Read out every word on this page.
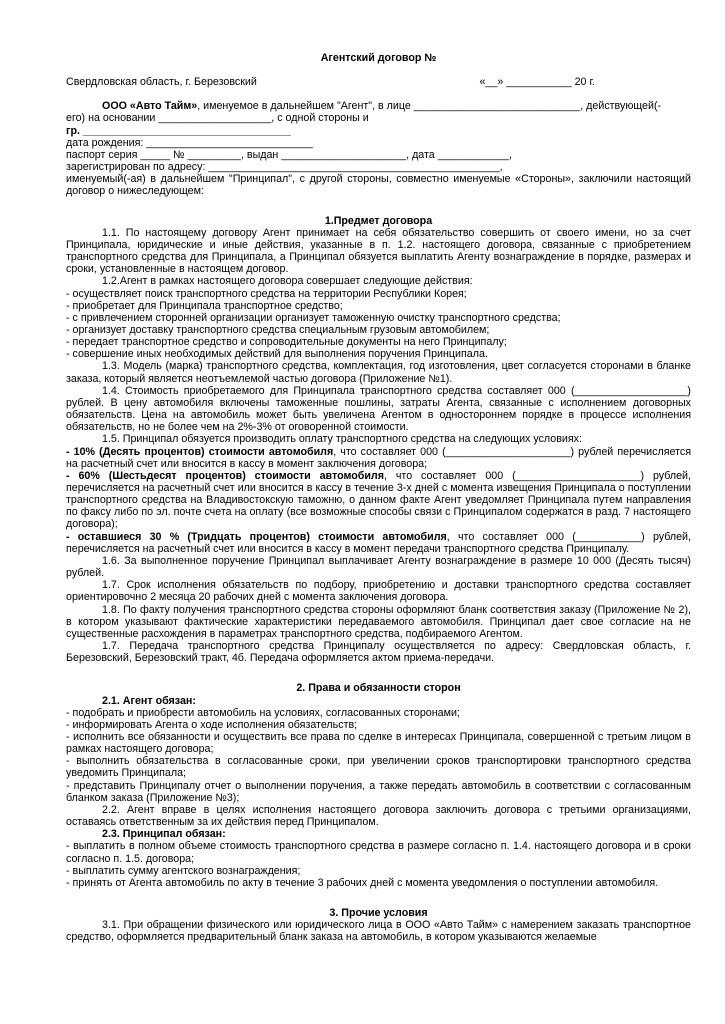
Агентский договор №

Свердловская область, г. Березовский	«__» ___________ 20 г.

ООО «Авто Тайм», именуемое в дальнейшем "Агент", в лице ____________________________, действующей(-

его) на основании ___________________, с одной стороны и

гр. ___________________________________

дата рождения: ____________________________

паспорт серия _____ № _________, выдан _____________________, дата ____________,

зарегистрирован по адресу: _________________________________________________,

именуемый(-ая) в дальнейшем "Принципал", с другой стороны, совместно именуемые «Стороны», заключили настоящий договор о нижеследующем:

1.Предмет договора

1.1. По настоящему договору Агент принимает на себя обязательство совершить от своего имени, но за счет Принципала, юридические и иные действия, указанные в п. 1.2. настоящего договора, связанные с приобретением транспортного средства для Принципала, а Принципал обязуется выплатить Агенту вознаграждение в порядке, размерах и сроки, установленные в настоящем договор.

1.2.Агент в рамках настоящего договора совершает следующие действия:

- осуществляет поиск транспортного средства на территории Республики Корея;

- приобретает для Принципала транспортное средство;

- с привлечением сторонней организации организует таможенную очистку транспортного средства;

- организует доставку транспортного средства специальным грузовым автомобилем;

- передает транспортное средство и сопроводительные документы на него Принципалу;

- совершение иных необходимых действий для выполнения поручения Принципала.

1.3. Модель (марка) транспортного средства, комплектация, год изготовления, цвет согласуется сторонами в бланке заказа, который является неотъемлемой частью договора (Приложение №1).

1.4. Стоимость приобретаемого для Принципала транспортного средства составляет 000 (___________________) рублей. В цену автомобиля включены таможенные пошлины, затраты Агента, связанные с исполнением договорных обязательств. Цена на автомобиль может быть увеличена Агентом в одностороннем порядке в процессе исполнения обязательств, но не более чем на 2%-3% от оговоренной стоимости.

1.5. Принципал обязуется производить оплату транспортного средства на следующих условиях:

- 10% (Десять процентов) стоимости автомобиля, что составляет 000 (_____________________) рублей перечисляется на расчетный счет или вносится в кассу в момент заключения договора;

- 60% (Шестьдесят процентов) стоимости автомобиля, что составляет 000 (_____________________) рублей, перечисляется на расчетный счет или вносится в кассу в течение 3-х дней с момента извещения Принципала о поступлении транспортного средства на Владивостокскую таможню, о данном факте Агент уведомляет Принципала путем направления по факсу либо по эл. почте счета на оплату (все возможные способы связи с Принципалом содержатся в разд. 7 настоящего договора);

- оставшиеся 30 % (Тридцать процентов) стоимости автомобиля, что составляет 000 (___________) рублей, перечисляется на расчетный счет или вносится в кассу в момент передачи транспортного средства Принципалу.

1.6. За выполненное поручение Принципал выплачивает Агенту вознаграждение в размере 10 000 (Десять тысяч) рублей.

1.7. Срок исполнения обязательств по подбору, приобретению и доставки транспортного средства составляет ориентировочно 2 месяца 20 рабочих дней с момента заключения договора.

1.8. По факту получения транспортного средства стороны оформляют бланк соответствия заказу (Приложение № 2), в котором указывают фактические характеристики передаваемого автомобиля. Принципал дает свое согласие на не существенные расхождения в параметрах транспортного средства, подбираемого Агентом.

1.7. Передача транспортного средства Принципалу осуществляется по адресу: Свердловская область, г. Березовский, Березовский тракт, 4б. Передача оформляется актом приема-передачи.

2. Права и обязанности сторон

2.1. Агент обязан:

- подобрать и приобрести автомобиль на условиях, согласованных сторонами;

- информировать Агента о ходе исполнения обязательств;

- исполнить все обязанности и осуществить все права по сделке в интересах Принципала, совершенной с третьим лицом в рамках настоящего договора;

- выполнить обязательства в согласованные сроки, при увеличении сроков транспортировки транспортного средства уведомить Принципала;

- представить Принципалу отчет о выполнении поручения, а также передать автомобиль в соответствии с согласованным бланком заказа (Приложение №3);

2.2. Агент вправе в целях исполнения настоящего договора заключить договора с третьими организациями, оставаясь ответственным за их действия перед Принципалом.

2.3. Принципал обязан:

- выплатить в полном объеме стоимость транспортного средства в размере согласно п. 1.4. настоящего договора и в сроки согласно п. 1.5. договора;

- выплатить сумму агентского вознаграждения;

- принять от Агента автомобиль по акту в течение 3 рабочих дней с момента уведомления о поступлении автомобиля.

3. Прочие условия

3.1. При обращении физического или юридического лица в ООО «Авто Тайм» с намерением заказать транспортное средство, оформляется предварительный бланк заказа на автомобиль, в котором указываются желаемые
